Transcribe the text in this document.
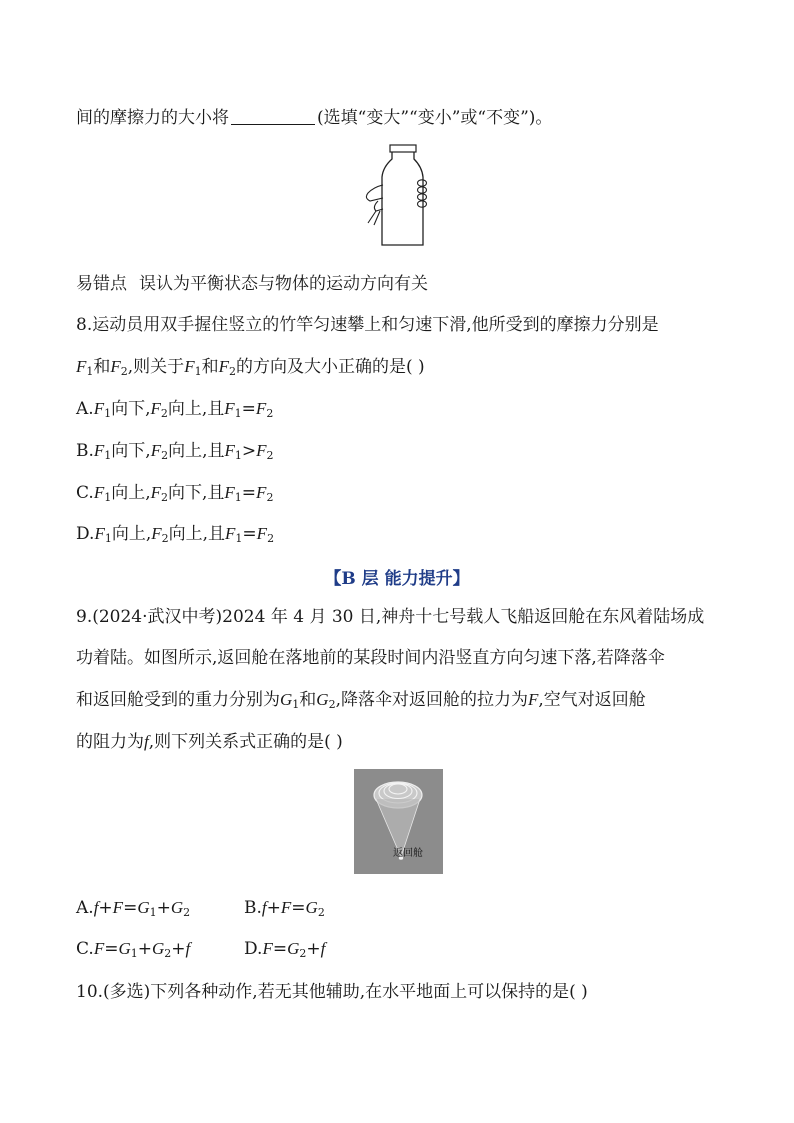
间的摩擦力的大小将	(选填“变大”“变小”或“不变”)。
易错点 误认为平衡状态与物体的运动方向有关
8.运动员用双手握住竖立的竹竿匀速攀上和匀速下滑,他所受到的摩擦力分别是
$F_1$和$F_2$,则关于$F_1$和$F_2$的方向及大小正确的是( )
$A.F_1$向下$,F_2$向上,且$F_1=F_2$
$B.F_1$向下$,F_2$向上,且$F_1>F_2$
$C.F_1$向上$,F_2$向下,且$F_1=F_2$
$D.F_1$向上$,F_2$向上,且$F_1=F_2$
【B 层 能力提升】
9.(2024·武汉中考)2024 年 4 月 30 日,神舟十七号载人飞船返回舱在东风着陆场成
功着陆。如图所示,返回舱在落地前的某段时间内沿竖直方向匀速下落,若降落伞
和返回舱受到的重力分别为$G_1$和$G_2$,降落伞对返回舱的拉力为F,空气对返回舱
的阻力为f,则下列关系式正确的是( )
返回舱
$A.f+F=G_1+G_2$	$B.f+F=G_2$
$C.F=G_1+G_2+f$	$D.F=G_2+f$
10.(多选)下列各种动作,若无其他辅助,在水平地面上可以保持的是( )
